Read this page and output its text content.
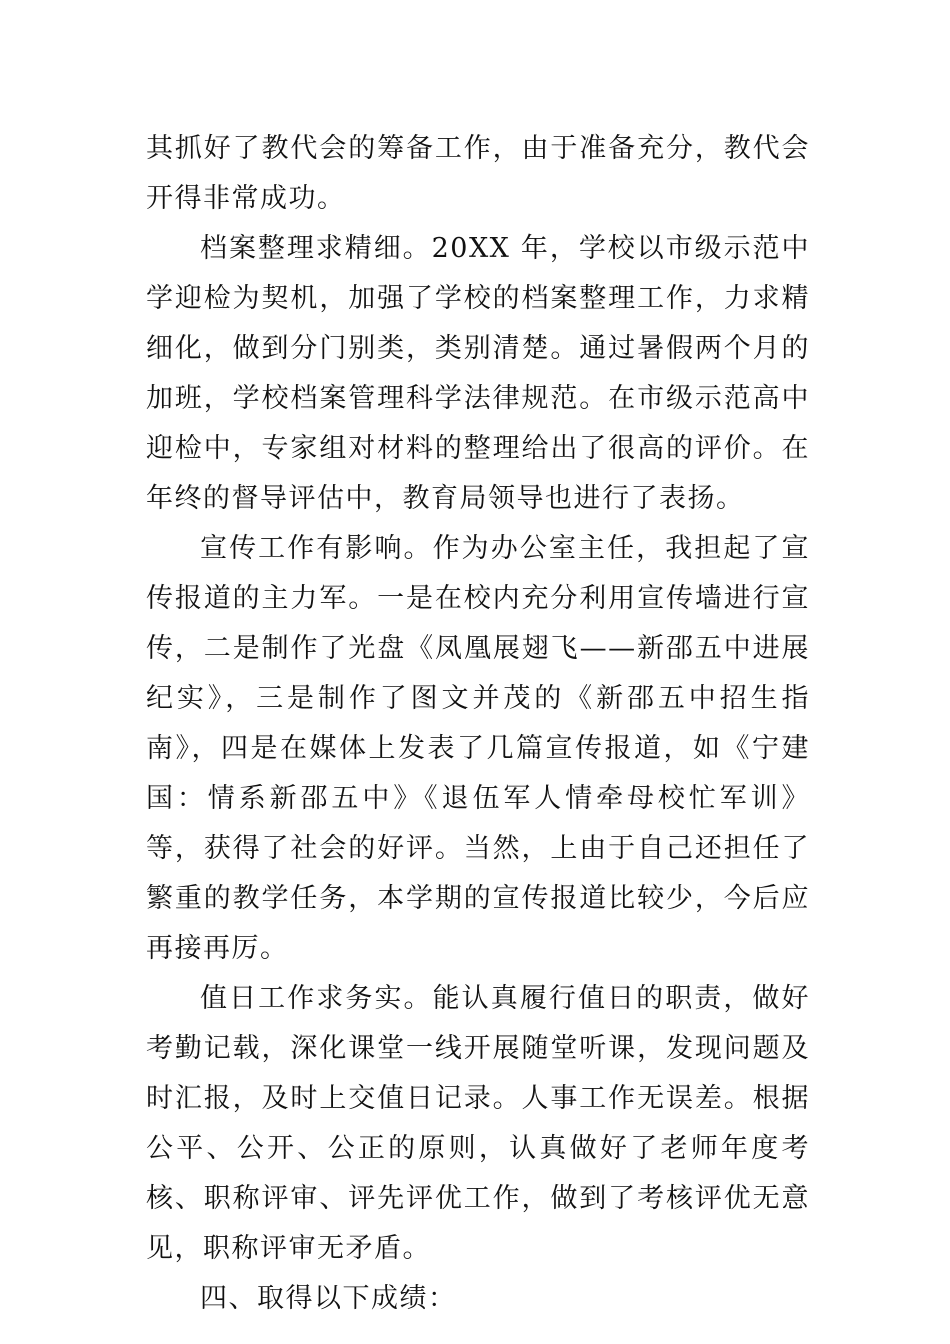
其抓好了教代会的筹备工作，由于准备充分，教代会开得非常成功。

档案整理求精细。20XX 年，学校以市级示范中学迎检为契机，加强了学校的档案整理工作，力求精细化，做到分门别类，类别清楚。通过暑假两个月的加班，学校档案管理科学法律规范。在市级示范高中迎检中，专家组对材料的整理给出了很高的评价。在年终的督导评估中，教育局领导也进行了表扬。

宣传工作有影响。作为办公室主任，我担起了宣传报道的主力军。一是在校内充分利用宣传墙进行宣传，二是制作了光盘《凤凰展翅飞——新邵五中进展纪实》，三是制作了图文并茂的《新邵五中招生指南》，四是在媒体上发表了几篇宣传报道，如《宁建国：情系新邵五中》《退伍军人情牵母校忙军训》等，获得了社会的好评。当然，上由于自己还担任了繁重的教学任务，本学期的宣传报道比较少，今后应再接再厉。

值日工作求务实。能认真履行值日的职责，做好考勤记载，深化课堂一线开展随堂听课，发现问题及时汇报，及时上交值日记录。人事工作无误差。根据公平、公开、公正的原则，认真做好了老师年度考核、职称评审、评先评优工作，做到了考核评优无意见，职称评审无矛盾。

四、取得以下成绩：
